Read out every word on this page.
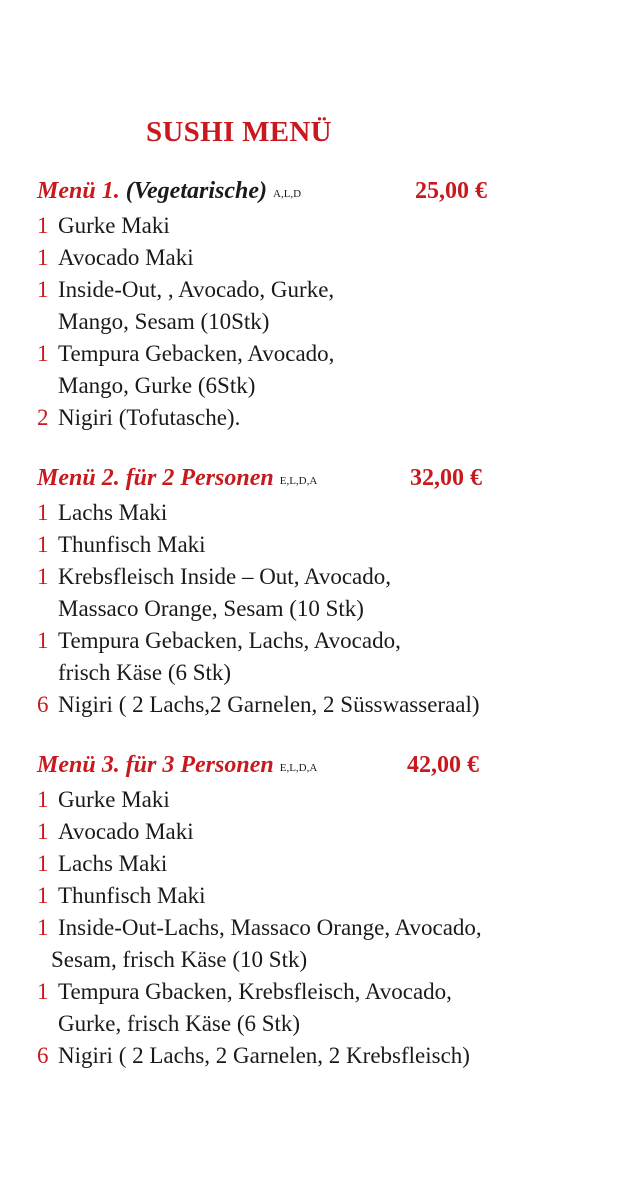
SUSHI MENÜ
Menü 1. (Vegetarische) A,L,D	25,00 €
1 Gurke Maki
1 Avocado Maki
1 Inside-Out, , Avocado, Gurke,
Mango, Sesam (10Stk)
1 Tempura Gebacken, Avocado,
Mango, Gurke (6Stk)
2 Nigiri (Tofutasche).
Menü 2. für 2 Personen E,L,D,A	32,00 €
1 Lachs Maki
1 Thunfisch Maki
1 Krebsfleisch Inside – Out, Avocado,
Massaco Orange, Sesam (10 Stk)
1 Tempura Gebacken, Lachs, Avocado,
frisch Käse (6 Stk)
6 Nigiri ( 2 Lachs,2 Garnelen, 2 Süsswasseraal)
Menü 3. für 3 Personen E,L,D,A	42,00 €
1 Gurke Maki
1 Avocado Maki
1 Lachs Maki
1 Thunfisch Maki
1 Inside-Out-Lachs, Massaco Orange, Avocado,
Sesam, frisch Käse (10 Stk)
1 Tempura Gbacken, Krebsfleisch, Avocado,
Gurke, frisch Käse (6 Stk)
6 Nigiri ( 2 Lachs, 2 Garnelen, 2 Krebsfleisch)
